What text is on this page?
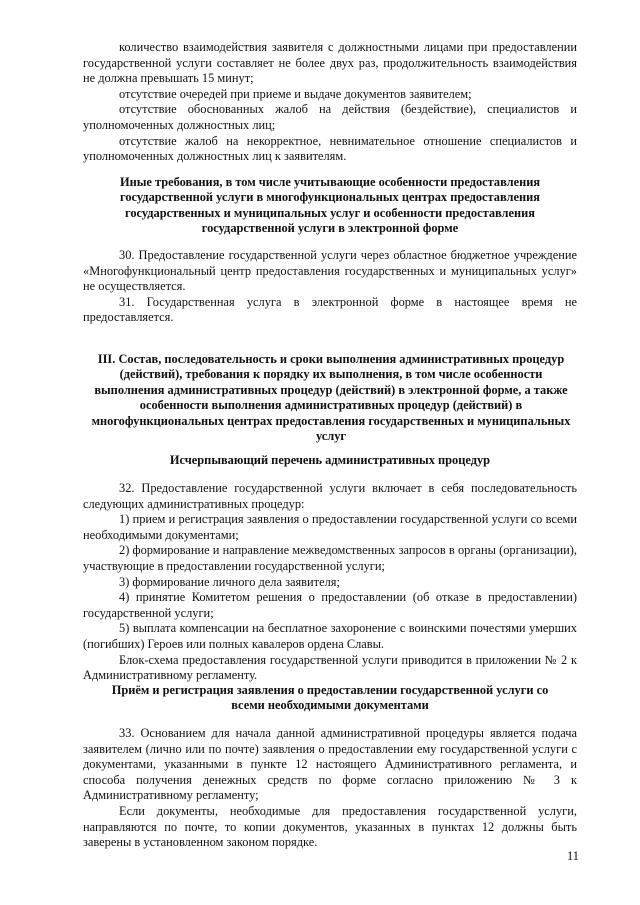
количество взаимодействия заявителя с должностными лицами при предоставлении государственной услуги составляет не более двух раз, продолжительность взаимодействия не должна превышать 15 минут;

отсутствие очередей при приеме и выдаче документов заявителем;

отсутствие обоснованных жалоб на действия (бездействие), специалистов и уполномоченных должностных лиц;

отсутствие жалоб на некорректное, невнимательное отношение специалистов и уполномоченных должностных лиц к заявителям.

Иные требования, в том числе учитывающие особенности предоставления государственной услуги в многофункциональных центрах предоставления государственных и муниципальных услуг и особенности предоставления государственной услуги в электронной форме

30. Предоставление государственной услуги через областное бюджетное учреждение «Многофункциональный центр предоставления государственных и муниципальных услуг» не осуществляется.

31. Государственная услуга в электронной форме в настоящее время не предоставляется.

III. Состав, последовательность и сроки выполнения административных процедур (действий), требования к порядку их выполнения, в том числе особенности выполнения административных процедур (действий) в электронной форме, а также особенности выполнения административных процедур (действий) в многофункциональных центрах предоставления государственных и муниципальных услуг
Исчерпывающий перечень административных процедур

32. Предоставление государственной услуги включает в себя последовательность следующих административных процедур:

1) прием и регистрация заявления о предоставлении государственной услуги со всеми необходимыми документами;

2) формирование и направление межведомственных запросов в органы (организации), участвующие в предоставлении государственной услуги;

3) формирование личного дела заявителя;

4) принятие Комитетом решения о предоставлении (об отказе в предоставлении) государственной услуги;

5) выплата компенсации на бесплатное захоронение с воинскими почестями умерших (погибших) Героев или полных кавалеров ордена Славы.

Блок-схема предоставления государственной услуги приводится в приложении № 2 к Административному регламенту.

Приём и регистрация заявления о предоставлении государственной услуги со всеми необходимыми документами

33. Основанием для начала данной административной процедуры является подача заявителем (лично или по почте) заявления о предоставлении ему государственной услуги с документами, указанными в пункте 12 настоящего Административного регламента, и способа получения денежных средств по форме согласно приложению № 3 к Административному регламенту;

Если документы, необходимые для предоставления государственной услуги, направляются по почте, то копии документов, указанных в пунктах 12 должны быть заверены в установленном законом порядке.

11
